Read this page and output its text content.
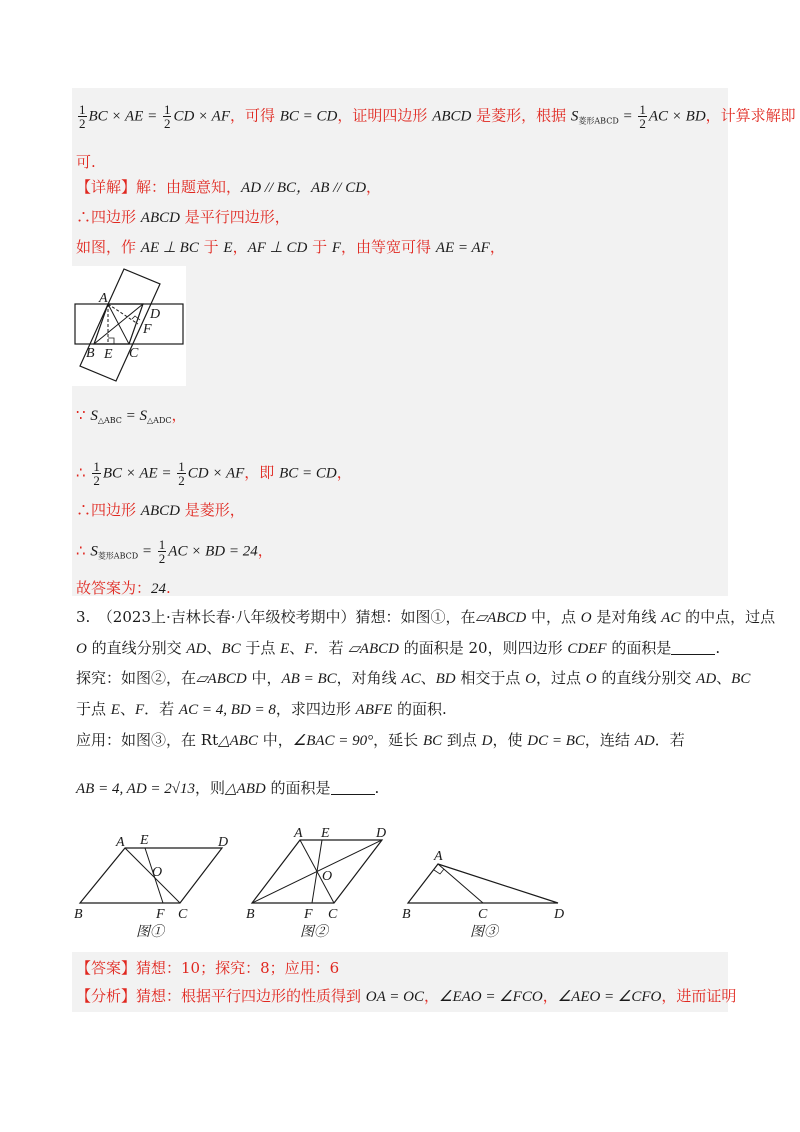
$\frac{1}{2}$ BC × AE = $\frac{1}{2}$ CD × AF，可得 BC = CD，证明四边形 ABCD 是菱形，根据 $S_{菱形ABCD} = \frac{1}{2}$ AC × BD，计算求解即
可.
【详解】解：由题意知，AD // BC，AB // CD，
∴四边形 ABCD 是平行四边形，
如图，作 AE ⊥ BC 于 E，AF ⊥ CD 于 F，由等宽可得 AE = AF，
A
B C
D
E
F
∵ $S_{\triangle ABC} = S_{\triangle ADC}$，
∴ $\frac{1}{2}$ BC × AE = $\frac{1}{2}$ CD × AF，即 BC = CD，
∴四边形 ABCD 是菱形，
∴ $S_{菱形ABCD} = \frac{1}{2}$ AC × BD = 24，
故答案为：24.
3.　（2023上·吉林长春·八年级校考期中）猜想：如图①，在▱ABCD 中，点 O 是对角线 AC 的中点，过点
O 的直线分别交 AD、BC 于点 E、F．若 ▱ABCD 的面积是 20，则四边形 CDEF 的面积是	.
探究：如图②，在▱ABCD 中，AB = BC，对角线 AC、BD 相交于点 O，过点 O 的直线分别交 AD、BC
于点 E、F．若 AC = 4, BD = 8，求四边形 ABFE 的面积.
应用：如图③，在 Rt△ABC 中，∠BAC = 90°，延长 BC 到点 D，使 DC = BC，连结 AD．若
AB = 4, AD = 2√13，则△ABD 的面积是	.
A E	D
O
B	F C
图①
A E	D
O
B	F C
图②
A
B	C	D
图③
【答案】猜想：10；探究：8；应用：6
【分析】猜想：根据平行四边形的性质得到 OA = OC，∠EAO = ∠FCO，∠AEO = ∠CFO，进而证明
